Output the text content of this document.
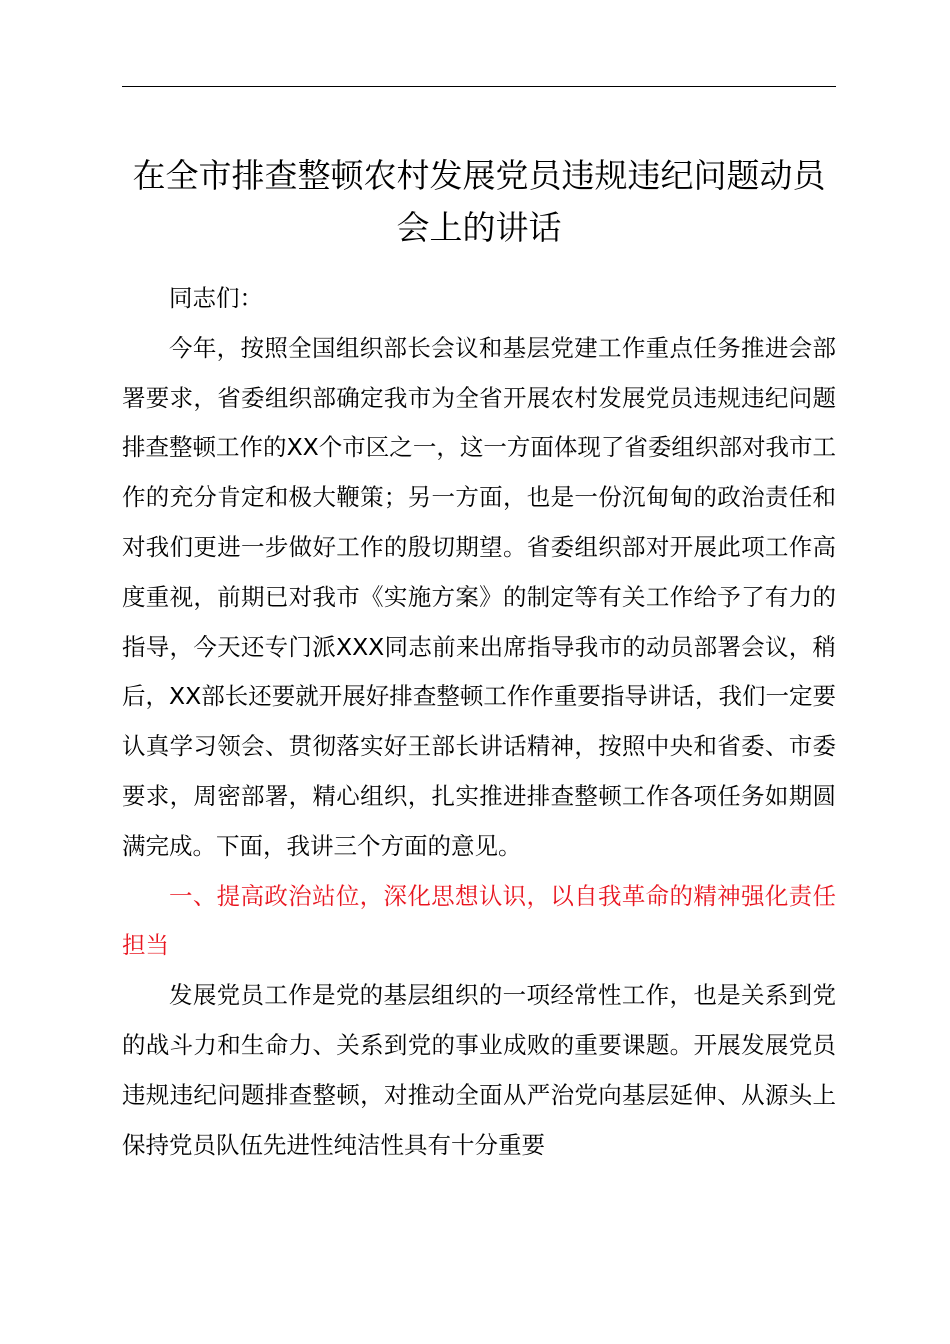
在全市排查整顿农村发展党员违规违纪问题动员会上的讲话

同志们：

今年，按照全国组织部长会议和基层党建工作重点任务推进会部署要求，省委组织部确定我市为全省开展农村发展党员违规违纪问题排查整顿工作的XX个市区之一，这一方面体现了省委组织部对我市工作的充分肯定和极大鞭策；另一方面，也是一份沉甸甸的政治责任和对我们更进一步做好工作的殷切期望。省委组织部对开展此项工作高度重视，前期已对我市《实施方案》的制定等有关工作给予了有力的指导，今天还专门派XXX同志前来出席指导我市的动员部署会议，稍后，XX部长还要就开展好排查整顿工作作重要指导讲话，我们一定要认真学习领会、贯彻落实好王部长讲话精神，按照中央和省委、市委要求，周密部署，精心组织，扎实推进排查整顿工作各项任务如期圆满完成。下面，我讲三个方面的意见。

一、提高政治站位，深化思想认识，以自我革命的精神强化责任担当

发展党员工作是党的基层组织的一项经常性工作，也是关系到党的战斗力和生命力、关系到党的事业成败的重要课题。开展发展党员违规违纪问题排查整顿，对推动全面从严治党向基层延伸、从源头上保持党员队伍先进性纯洁性具有十分重要
